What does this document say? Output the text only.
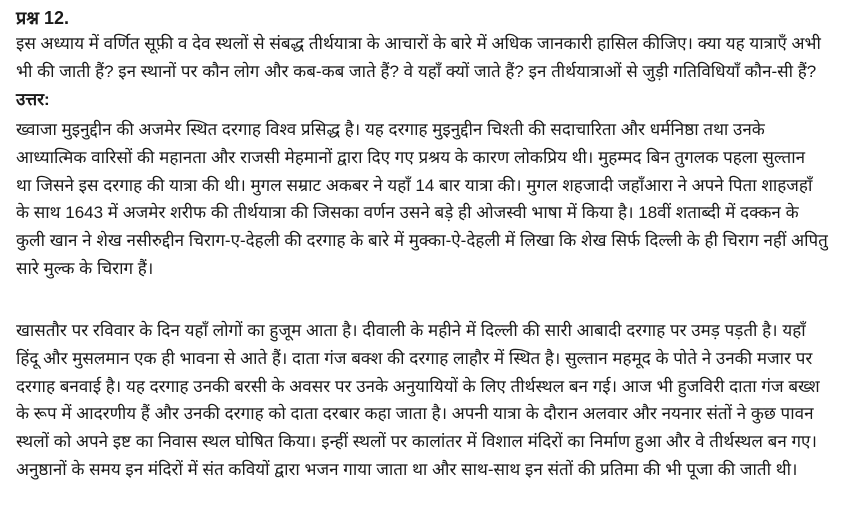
प्रश्न 12.
इस अध्याय में वर्णित सूफ़ी व देव स्थलों से संबद्ध तीर्थयात्रा के आचारों के बारे में अधिक जानकारी हासिल कीजिए। क्या यह यात्राएँ अभी
भी की जाती हैं? इन स्थानों पर कौन लोग और कब-कब जाते हैं? वे यहाँ क्यों जाते हैं? इन तीर्थयात्राओं से जुड़ी गतिविधियाँ कौन-सी हैं?
उत्तर:
ख्वाजा मुइनुद्दीन की अजमेर स्थित दरगाह विश्व प्रसिद्ध है। यह दरगाह मुइनुद्दीन चिश्ती की सदाचारिता और धर्मनिष्ठा तथा उनके
आध्यात्मिक वारिसों की महानता और राजसी मेहमानों द्वारा दिए गए प्रश्रय के कारण लोकप्रिय थी। मुहम्मद बिन तुगलक पहला सुल्तान
था जिसने इस दरगाह की यात्रा की थी। मुगल सम्राट अकबर ने यहाँ 14 बार यात्रा की। मुगल शहजादी जहाँआरा ने अपने पिता शाहजहाँ
के साथ 1643 में अजमेर शरीफ की तीर्थयात्रा की जिसका वर्णन उसने बड़े ही ओजस्वी भाषा में किया है। 18वीं शताब्दी में दक्कन के
कुली खान ने शेख नसीरुद्दीन चिराग-ए-देहली की दरगाह के बारे में मुक्का-ऐ-देहली में लिखा कि शेख सिर्फ दिल्ली के ही चिराग नहीं अपितु
सारे मुल्क के चिराग हैं।
खासतौर पर रविवार के दिन यहाँ लोगों का हुजूम आता है। दीवाली के महीने में दिल्ली की सारी आबादी दरगाह पर उमड़ पड़ती है। यहाँ
हिंदू और मुसलमान एक ही भावना से आते हैं। दाता गंज बक्श की दरगाह लाहौर में स्थित है। सुल्तान महमूद के पोते ने उनकी मजार पर
दरगाह बनवाई है। यह दरगाह उनकी बरसी के अवसर पर उनके अनुयायियों के लिए तीर्थस्थल बन गई। आज भी हुजविरी दाता गंज बख्श
के रूप में आदरणीय हैं और उनकी दरगाह को दाता दरबार कहा जाता है। अपनी यात्रा के दौरान अलवार और नयनार संतों ने कुछ पावन
स्थलों को अपने इष्ट का निवास स्थल घोषित किया। इन्हीं स्थलों पर कालांतर में विशाल मंदिरों का निर्माण हुआ और वे तीर्थस्थल बन गए।
अनुष्ठानों के समय इन मंदिरों में संत कवियों द्वारा भजन गाया जाता था और साथ-साथ इन संतों की प्रतिमा की भी पूजा की जाती थी।
